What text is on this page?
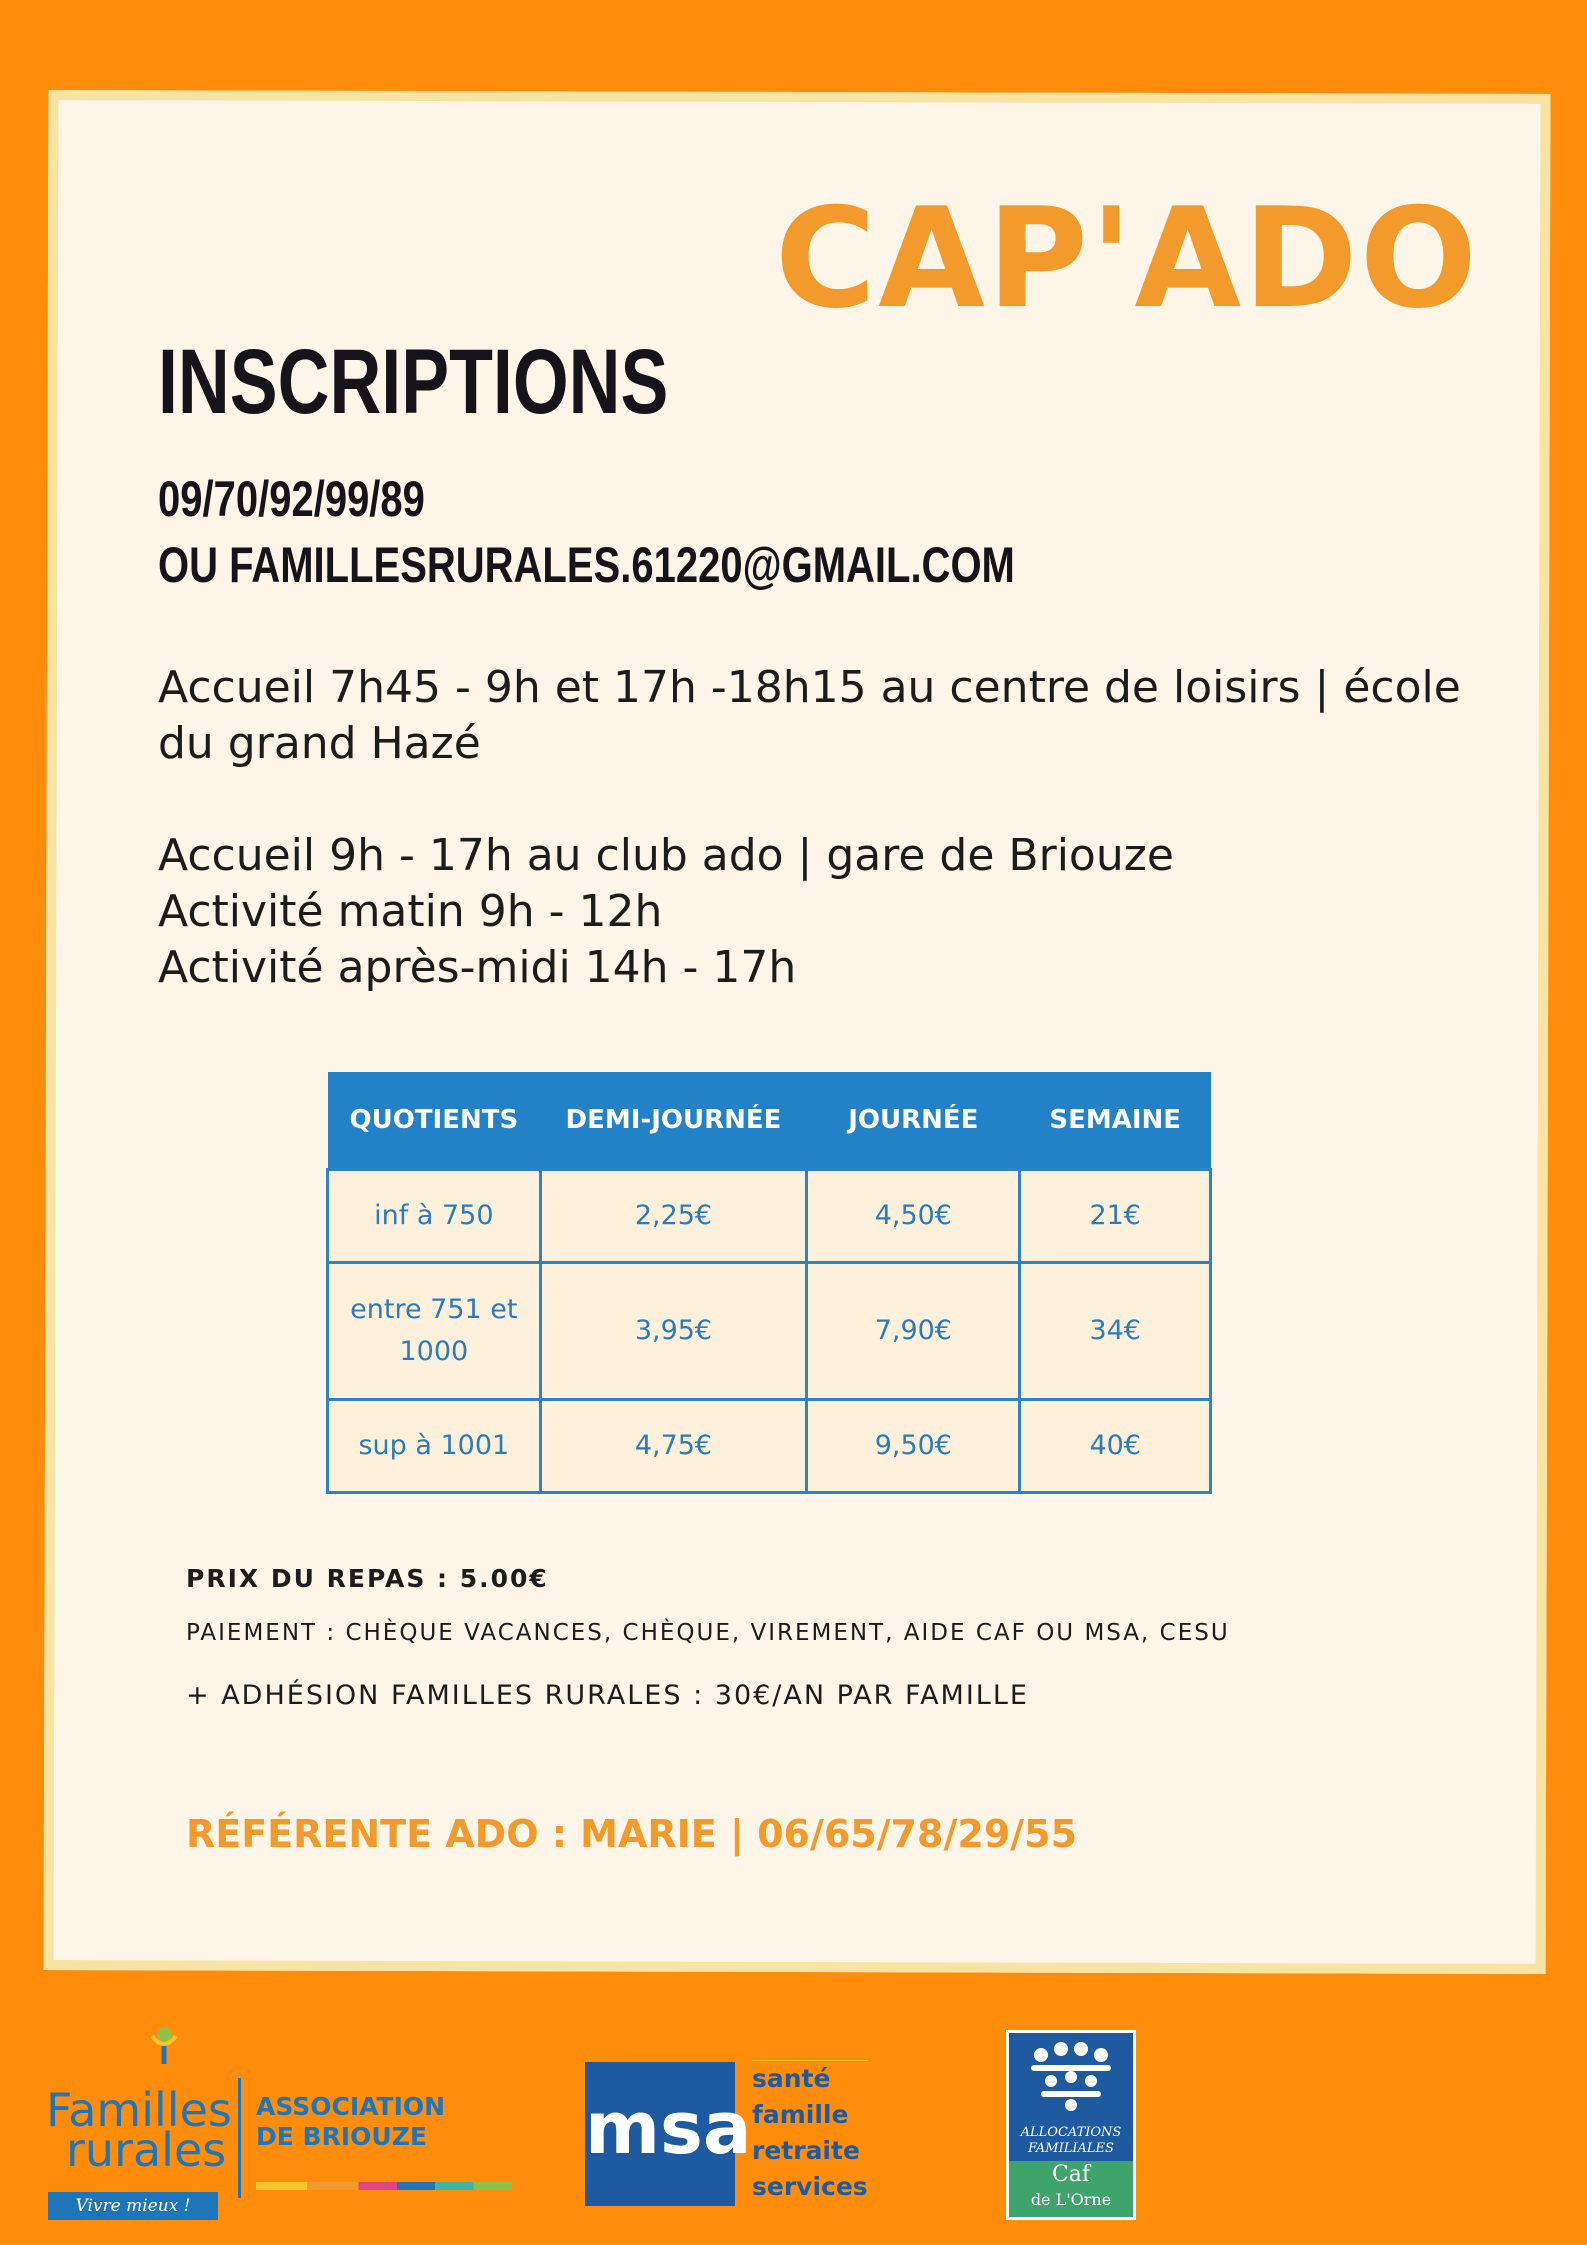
CAP'ADO
INSCRIPTIONS
09/70/92/99/89
OU FAMILLESRURALES.61220@GMAIL.COM
Accueil 7h45 - 9h et 17h -18h15 au centre de loisirs | école du grand Hazé
Accueil 9h - 17h au club ado | gare de Briouze
Activité matin 9h - 12h
Activité après-midi 14h - 17h
QUOTIENTS	DEMI-JOURNÉE	JOURNÉE	SEMAINE
inf à 750	2,25€	4,50€	21€
entre 751 et 1000	3,95€	7,90€	34€
sup à 1001	4,75€	9,50€	40€
PRIX DU REPAS : 5.00€
PAIEMENT : CHÈQUE VACANCES, CHÈQUE, VIREMENT, AIDE CAF OU MSA, CESU
+ ADHÉSION FAMILLES RURALES : 30€/AN PAR FAMILLE
RÉFÉRENTE ADO : MARIE | 06/65/78/29/55
Familles
rurales
Vivre mieux !
ASSOCIATION
DE BRIOUZE msa
santé
famille
retraite
services
ALLOCATIONS
FAMILIALES
Caf
de L'Orne
